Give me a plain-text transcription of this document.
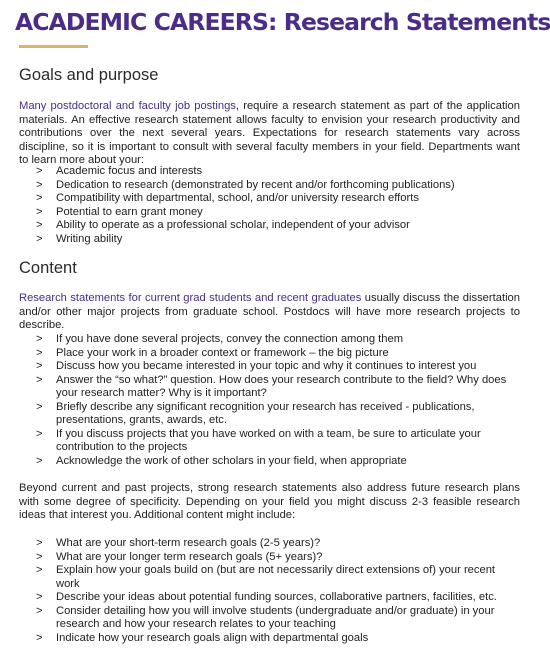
ACADEMIC CAREERS: Research Statements
Goals and purpose
Many postdoctoral and faculty job postings, require a research statement as part of the application materials. An effective research statement allows faculty to envision your research productivity and contributions over the next several years. Expectations for research statements vary across discipline, so it is important to consult with several faculty members in your field. Departments want to learn more about your:
>	Academic focus and interests
>	Dedication to research (demonstrated by recent and/or forthcoming publications)
>	Compatibility with departmental, school, and/or university research efforts
>	Potential to earn grant money
>	Ability to operate as a professional scholar, independent of your advisor
>	Writing ability
Content
Research statements for current grad students and recent graduates usually discuss the dissertation and/or other major projects from graduate school. Postdocs will have more research projects to describe.
>	If you have done several projects, convey the connection among them
>	Place your work in a broader context or framework – the big picture
>	Discuss how you became interested in your topic and why it continues to interest you
>	Answer the “so what?” question. How does your research contribute to the field? Why does your research matter? Why is it important?
>	Briefly describe any significant recognition your research has received - publications, presentations, grants, awards, etc.
>	If you discuss projects that you have worked on with a team, be sure to articulate your contribution to the projects
>	Acknowledge the work of other scholars in your field, when appropriate
Beyond current and past projects, strong research statements also address future research plans with some degree of specificity. Depending on your field you might discuss 2-3 feasible research ideas that interest you. Additional content might include:
>	What are your short-term research goals (2-5 years)?
>	What are your longer term research goals (5+ years)?
>	Explain how your goals build on (but are not necessarily direct extensions of) your recent work
>	Describe your ideas about potential funding sources, collaborative partners, facilities, etc.
>	Consider detailing how you will involve students (undergraduate and/or graduate) in your research and how your research relates to your teaching
>	Indicate how your research goals align with departmental goals
